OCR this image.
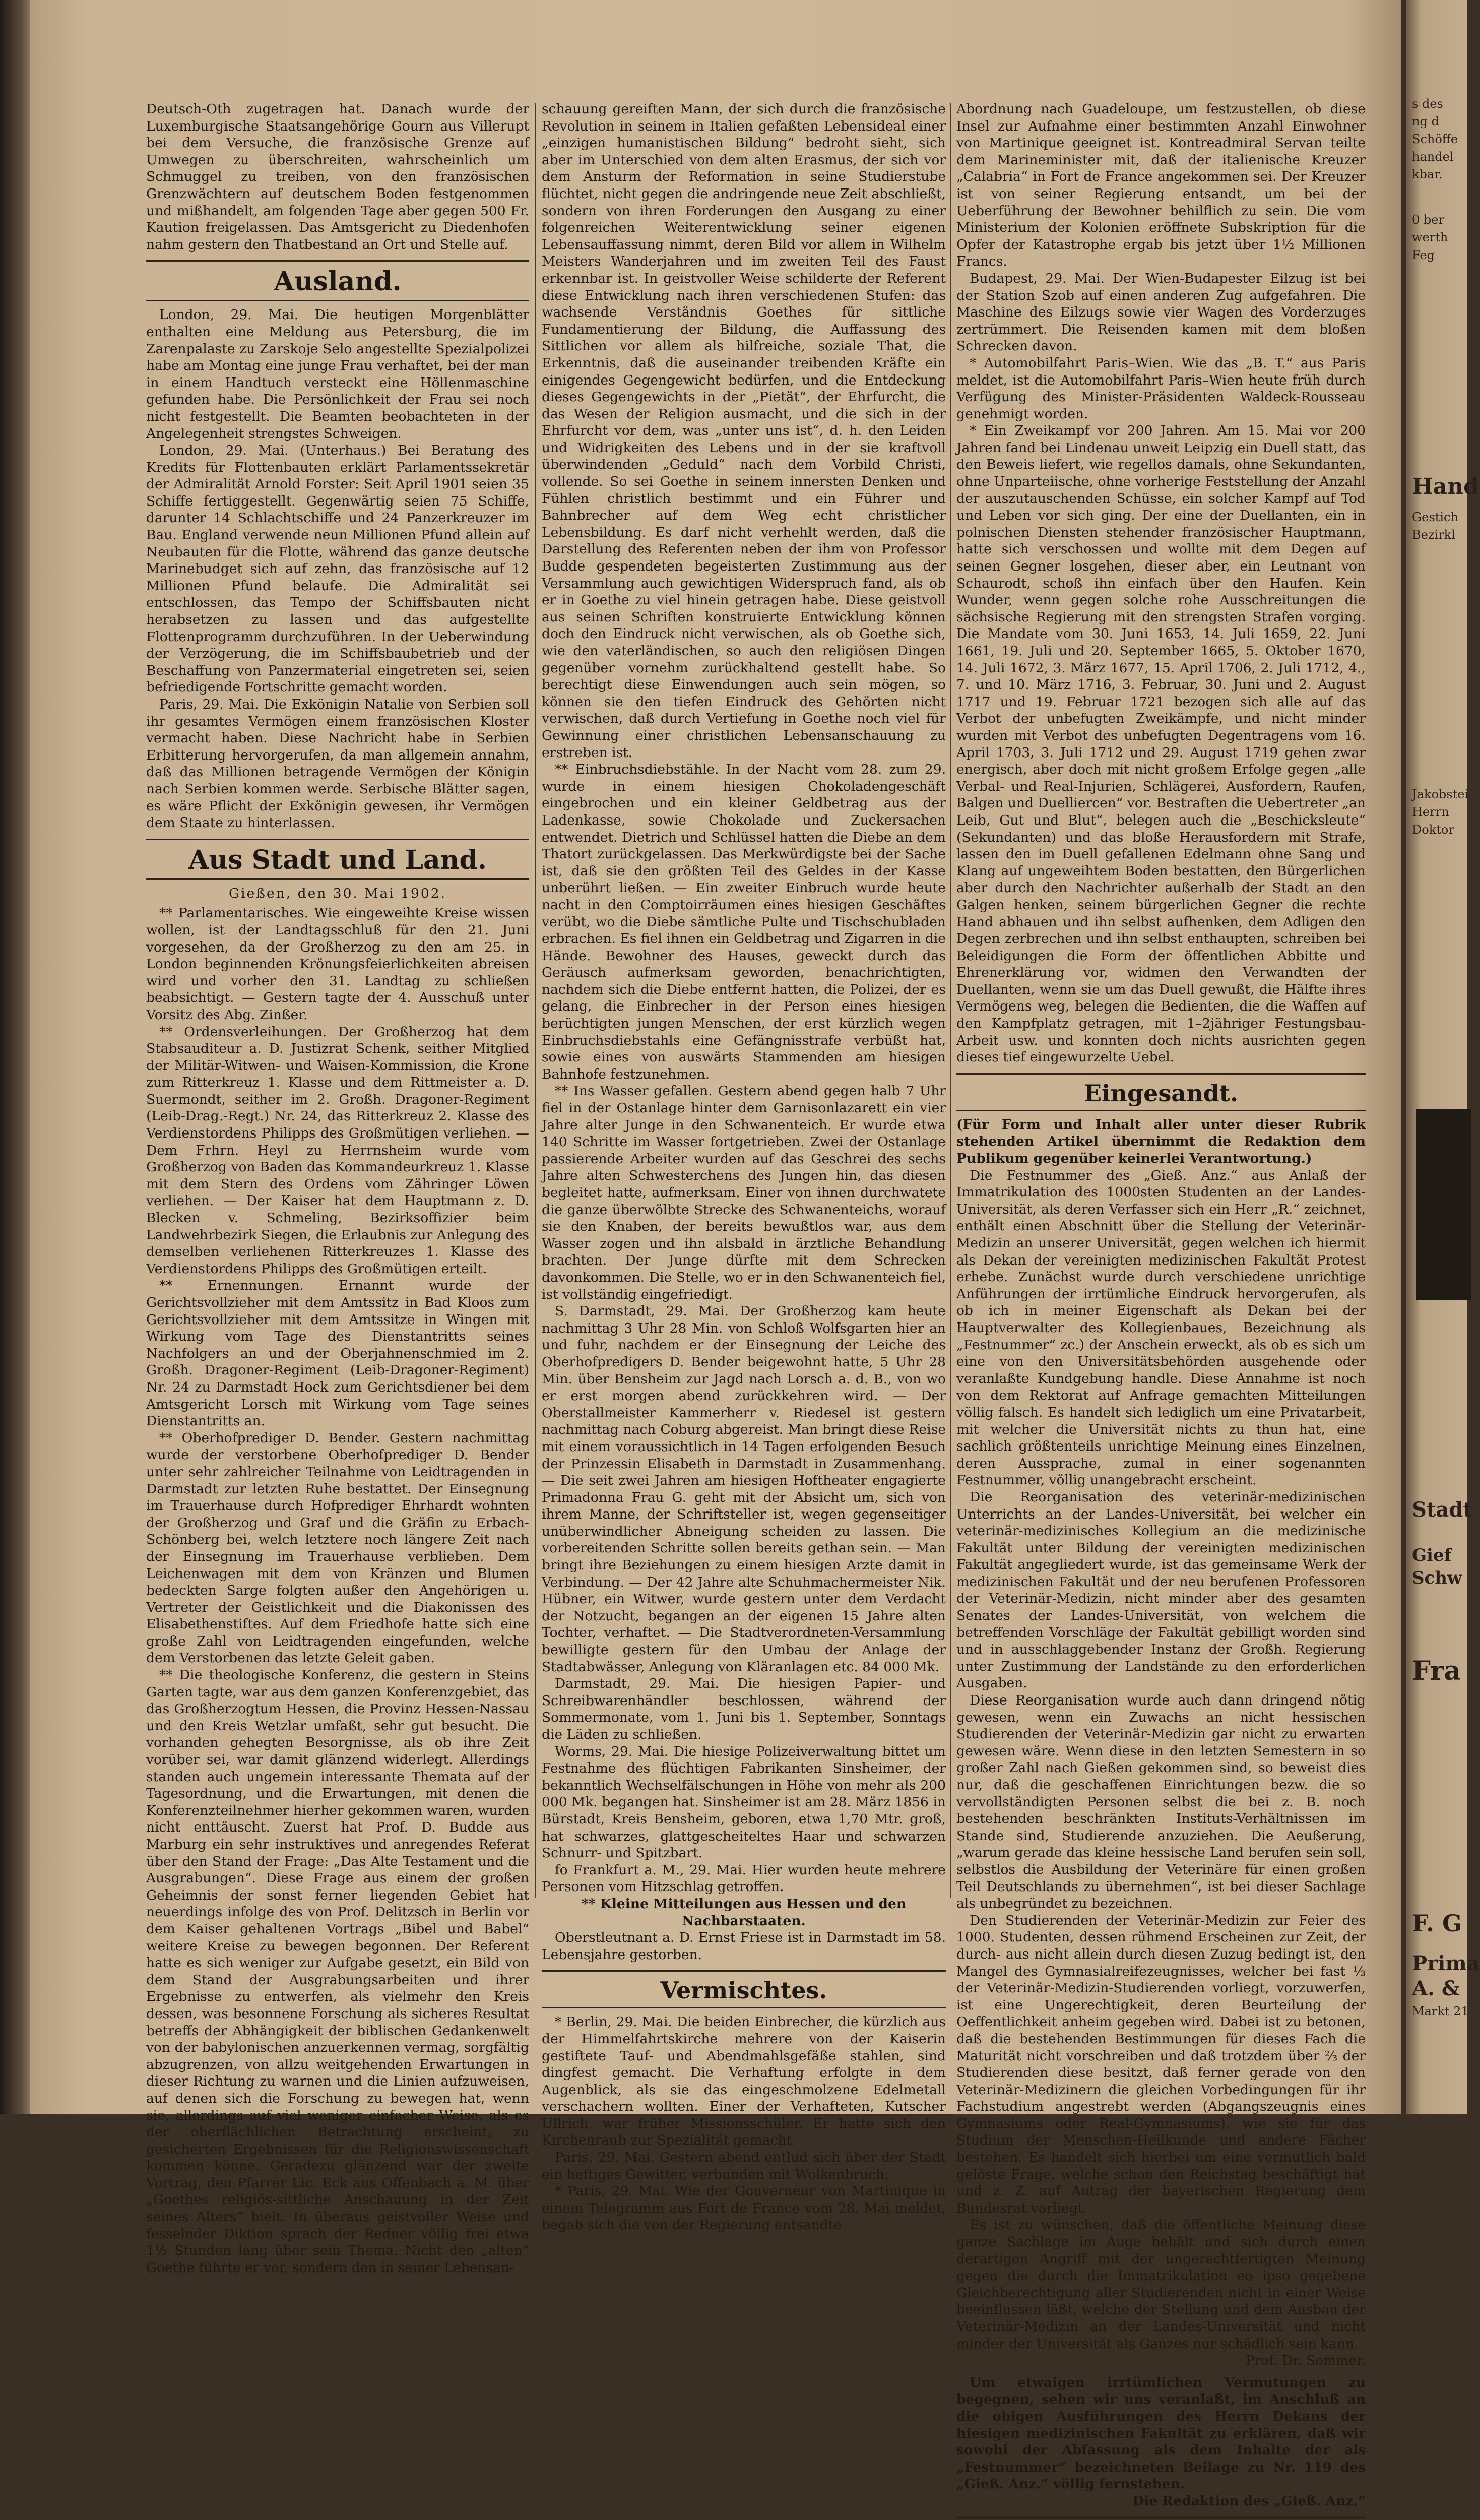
Deutsch-Oth zugetragen hat. Danach wurde der Luxemburgische Staatsangehörige Gourn aus Villerupt bei dem Versuche, die französische Grenze auf Umwegen zu überschreiten, wahrscheinlich um Schmuggel zu treiben, von den französischen Grenzwächtern auf deutschem Boden festgenommen und mißhandelt, am folgenden Tage aber gegen 500 Fr. Kaution freigelassen. Das Amtsgericht zu Diedenhofen nahm gestern den Thatbestand an Ort und Stelle auf.

Ausland.

London, 29. Mai. Die heutigen Morgenblätter enthalten eine Meldung aus Petersburg, die im Zarenpalaste zu Zarskoje Selo angestellte Spezialpolizei habe am Montag eine junge Frau verhaftet, bei der man in einem Handtuch versteckt eine Höllenmaschine gefunden habe. Die Persönlichkeit der Frau sei noch nicht festgestellt. Die Beamten beobachteten in der Angelegenheit strengstes Schweigen.

London, 29. Mai. (Unterhaus.) Bei Beratung des Kredits für Flottenbauten erklärt Parlamentssekretär der Admiralität Arnold Forster: Seit April 1901 seien 35 Schiffe fertiggestellt. Gegenwärtig seien 75 Schiffe, darunter 14 Schlachtschiffe und 24 Panzerkreuzer im Bau. England verwende neun Millionen Pfund allein auf Neubauten für die Flotte, während das ganze deutsche Marinebudget sich auf zehn, das französische auf 12 Millionen Pfund belaufe. Die Admiralität sei entschlossen, das Tempo der Schiffsbauten nicht herabsetzen zu lassen und das aufgestellte Flottenprogramm durchzuführen. In der Ueberwindung der Verzögerung, die im Schiffsbaubetrieb und der Beschaffung von Panzermaterial eingetreten sei, seien befriedigende Fortschritte gemacht worden.

Paris, 29. Mai. Die Exkönigin Natalie von Serbien soll ihr gesamtes Vermögen einem französischen Kloster vermacht haben. Diese Nachricht habe in Serbien Erbitterung hervorgerufen, da man allgemein annahm, daß das Millionen betragende Vermögen der Königin nach Serbien kommen werde. Serbische Blätter sagen, es wäre Pflicht der Exkönigin gewesen, ihr Vermögen dem Staate zu hinterlassen.

Aus Stadt und Land.
Gießen, den 30. Mai 1902.

** Parlamentarisches. Wie eingeweihte Kreise wissen wollen, ist der Landtagsschluß für den 21. Juni vorgesehen, da der Großherzog zu den am 25. in London beginnenden Krönungsfeierlichkeiten abreisen wird und vorher den 31. Landtag zu schließen beabsichtigt. — Gestern tagte der 4. Ausschuß unter Vorsitz des Abg. Zinßer.

** Ordensverleihungen. Der Großherzog hat dem Stabsauditeur a. D. Justizrat Schenk, seither Mitglied der Militär-Witwen- und Waisen-Kommission, die Krone zum Ritterkreuz 1. Klasse und dem Rittmeister a. D. Suermondt, seither im 2. Großh. Dragoner-Regiment (Leib-Drag.-Regt.) Nr. 24, das Ritterkreuz 2. Klasse des Verdienstordens Philipps des Großmütigen verliehen. — Dem Frhrn. Heyl zu Herrnsheim wurde vom Großherzog von Baden das Kommandeurkreuz 1. Klasse mit dem Stern des Ordens vom Zähringer Löwen verliehen. — Der Kaiser hat dem Hauptmann z. D. Blecken v. Schmeling, Bezirksoffizier beim Landwehrbezirk Siegen, die Erlaubnis zur Anlegung des demselben verliehenen Ritterkreuzes 1. Klasse des Verdienstordens Philipps des Großmütigen erteilt.

** Ernennungen. Ernannt wurde der Gerichtsvollzieher mit dem Amtssitz in Bad Kloos zum Gerichtsvollzieher mit dem Amtssitze in Wingen mit Wirkung vom Tage des Dienstantritts seines Nachfolgers an und der Oberjahnenschmied im 2. Großh. Dragoner-Regiment (Leib-Dragoner-Regiment) Nr. 24 zu Darmstadt Hock zum Gerichtsdiener bei dem Amtsgericht Lorsch mit Wirkung vom Tage seines Dienstantritts an.

** Oberhofprediger D. Bender. Gestern nachmittag wurde der verstorbene Oberhofprediger D. Bender unter sehr zahlreicher Teilnahme von Leidtragenden in Darmstadt zur letzten Ruhe bestattet. Der Einsegnung im Trauerhause durch Hofprediger Ehrhardt wohnten der Großherzog und Graf und die Gräfin zu Erbach-Schönberg bei, welch letztere noch längere Zeit nach der Einsegnung im Trauerhause verblieben. Dem Leichenwagen mit dem von Kränzen und Blumen bedeckten Sarge folgten außer den Angehörigen u. Vertreter der Geistlichkeit und die Diakonissen des Elisabethenstiftes. Auf dem Friedhofe hatte sich eine große Zahl von Leidtragenden eingefunden, welche dem Verstorbenen das letzte Geleit gaben.

** Die theologische Konferenz, die gestern in Steins Garten tagte, war aus dem ganzen Konferenzgebiet, das das Großherzogtum Hessen, die Provinz Hessen-Nassau und den Kreis Wetzlar umfaßt, sehr gut besucht. Die vorhanden gehegten Besorgnisse, als ob ihre Zeit vorüber sei, war damit glänzend widerlegt. Allerdings standen auch ungemein interessante Themata auf der Tagesordnung, und die Erwartungen, mit denen die Konferenzteilnehmer hierher gekommen waren, wurden nicht enttäuscht. Zuerst hat Prof. D. Budde aus Marburg ein sehr instruktives und anregendes Referat über den Stand der Frage: „Das Alte Testament und die Ausgrabungen“. Diese Frage aus einem der großen Geheimnis der sonst ferner liegenden Gebiet hat neuerdings infolge des von Prof. Delitzsch in Berlin vor dem Kaiser gehaltenen Vortrags „Bibel und Babel“ weitere Kreise zu bewegen begonnen. Der Referent hatte es sich weniger zur Aufgabe gesetzt, ein Bild von dem Stand der Ausgrabungsarbeiten und ihrer Ergebnisse zu entwerfen, als vielmehr den Kreis dessen, was besonnene Forschung als sicheres Resultat betreffs der Abhängigkeit der biblischen Gedankenwelt von der babylonischen anzuerkennen vermag, sorgfältig abzugrenzen, von allzu weitgehenden Erwartungen in dieser Richtung zu warnen und die Linien aufzuweisen, auf denen sich die Forschung zu bewegen hat, wenn sie, allerdings auf viel weniger einfacher Weise, als es der oberflächlichen Betrachtung erscheint, zu gesicherten Ergebnissen für die Religionswissenschaft kommen könne. Geradezu glänzend war der zweite Vortrag, den Pfarrer Lic. Eck aus Offenbach a. M. über „Goethes religiös-sittliche Anschauung in der Zeit seines Alters“ hielt. In überaus geistvoller Weise und fesselnder Diktion sprach der Redner völlig frei etwa 1½ Stunden lang über sein Thema. Nicht den „alten“ Goethe führte er vor, sondern den in seiner Lebensan-

schauung gereiften Mann, der sich durch die französische Revolution in seinem in Italien gefaßten Lebensideal einer „einzigen humanistischen Bildung“ bedroht sieht, sich aber im Unterschied von dem alten Erasmus, der sich vor dem Ansturm der Reformation in seine Studierstube flüchtet, nicht gegen die andringende neue Zeit abschließt, sondern von ihren Forderungen den Ausgang zu einer folgenreichen Weiterentwicklung seiner eigenen Lebensauffassung nimmt, deren Bild vor allem in Wilhelm Meisters Wanderjahren und im zweiten Teil des Faust erkennbar ist. In geistvoller Weise schilderte der Referent diese Entwicklung nach ihren verschiedenen Stufen: das wachsende Verständnis Goethes für sittliche Fundamentierung der Bildung, die Auffassung des Sittlichen vor allem als hilfreiche, soziale That, die Erkenntnis, daß die auseinander treibenden Kräfte ein einigendes Gegengewicht bedürfen, und die Entdeckung dieses Gegengewichts in der „Pietät“, der Ehrfurcht, die das Wesen der Religion ausmacht, und die sich in der Ehrfurcht vor dem, was „unter uns ist“, d. h. den Leiden und Widrigkeiten des Lebens und in der sie kraftvoll überwindenden „Geduld“ nach dem Vorbild Christi, vollende. So sei Goethe in seinem innersten Denken und Fühlen christlich bestimmt und ein Führer und Bahnbrecher auf dem Weg echt christlicher Lebensbildung. Es darf nicht verhehlt werden, daß die Darstellung des Referenten neben der ihm von Professor Budde gespendeten begeisterten Zustimmung aus der Versammlung auch gewichtigen Widerspruch fand, als ob er in Goethe zu viel hinein getragen habe. Diese geistvoll aus seinen Schriften konstruierte Entwicklung können doch den Eindruck nicht verwischen, als ob Goethe sich, wie den vaterländischen, so auch den religiösen Dingen gegenüber vornehm zurückhaltend gestellt habe. So berechtigt diese Einwendungen auch sein mögen, so können sie den tiefen Eindruck des Gehörten nicht verwischen, daß durch Vertiefung in Goethe noch viel für Gewinnung einer christlichen Lebensanschauung zu erstreben ist.

** Einbruchsdiebstähle. In der Nacht vom 28. zum 29. wurde in einem hiesigen Chokoladengeschäft eingebrochen und ein kleiner Geldbetrag aus der Ladenkasse, sowie Chokolade und Zuckersachen entwendet. Dietrich und Schlüssel hatten die Diebe an dem Thatort zurückgelassen. Das Merkwürdigste bei der Sache ist, daß sie den größten Teil des Geldes in der Kasse unberührt ließen. — Ein zweiter Einbruch wurde heute nacht in den Comptoirräumen eines hiesigen Geschäftes verübt, wo die Diebe sämtliche Pulte und Tischschubladen erbrachen. Es fiel ihnen ein Geldbetrag und Zigarren in die Hände. Bewohner des Hauses, geweckt durch das Geräusch aufmerksam geworden, benachrichtigten, nachdem sich die Diebe entfernt hatten, die Polizei, der es gelang, die Einbrecher in der Person eines hiesigen berüchtigten jungen Menschen, der erst kürzlich wegen Einbruchsdiebstahls eine Gefängnisstrafe verbüßt hat, sowie eines von auswärts Stammenden am hiesigen Bahnhofe festzunehmen.

** Ins Wasser gefallen. Gestern abend gegen halb 7 Uhr fiel in der Ostanlage hinter dem Garnisonlazarett ein vier Jahre alter Junge in den Schwanenteich. Er wurde etwa 140 Schritte im Wasser fortgetrieben. Zwei der Ostanlage passierende Arbeiter wurden auf das Geschrei des sechs Jahre alten Schwesterchens des Jungen hin, das diesen begleitet hatte, aufmerksam. Einer von ihnen durchwatete die ganze überwölbte Strecke des Schwanenteichs, worauf sie den Knaben, der bereits bewußtlos war, aus dem Wasser zogen und ihn alsbald in ärztliche Behandlung brachten. Der Junge dürfte mit dem Schrecken davonkommen. Die Stelle, wo er in den Schwanenteich fiel, ist vollständig eingefriedigt.

S. Darmstadt, 29. Mai. Der Großherzog kam heute nachmittag 3 Uhr 28 Min. von Schloß Wolfsgarten hier an und fuhr, nachdem er der Einsegnung der Leiche des Oberhofpredigers D. Bender beigewohnt hatte, 5 Uhr 28 Min. über Bensheim zur Jagd nach Lorsch a. d. B., von wo er erst morgen abend zurückkehren wird. — Der Oberstallmeister Kammerherr v. Riedesel ist gestern nachmittag nach Coburg abgereist. Man bringt diese Reise mit einem voraussichtlich in 14 Tagen erfolgenden Besuch der Prinzessin Elisabeth in Darmstadt in Zusammenhang. — Die seit zwei Jahren am hiesigen Hoftheater engagierte Primadonna Frau G. geht mit der Absicht um, sich von ihrem Manne, der Schriftsteller ist, wegen gegenseitiger unüberwindlicher Abneigung scheiden zu lassen. Die vorbereitenden Schritte sollen bereits gethan sein. — Man bringt ihre Beziehungen zu einem hiesigen Arzte damit in Verbindung. — Der 42 Jahre alte Schuhmachermeister Nik. Hübner, ein Witwer, wurde gestern unter dem Verdacht der Notzucht, begangen an der eigenen 15 Jahre alten Tochter, verhaftet. — Die Stadtverordneten-Versammlung bewilligte gestern für den Umbau der Anlage der Stadtabwässer, Anlegung von Kläranlagen etc. 84 000 Mk.

Darmstadt, 29. Mai. Die hiesigen Papier- und Schreibwarenhändler beschlossen, während der Sommermonate, vom 1. Juni bis 1. September, Sonntags die Läden zu schließen.

Worms, 29. Mai. Die hiesige Polizeiverwaltung bittet um Festnahme des flüchtigen Fabrikanten Sinsheimer, der bekanntlich Wechselfälschungen in Höhe von mehr als 200 000 Mk. begangen hat. Sinsheimer ist am 28. März 1856 in Bürstadt, Kreis Bensheim, geboren, etwa 1,70 Mtr. groß, hat schwarzes, glattgescheiteltes Haar und schwarzen Schnurr- und Spitzbart.

fo Frankfurt a. M., 29. Mai. Hier wurden heute mehrere Personen vom Hitzschlag getroffen.

** Kleine Mitteilungen aus Hessen und den Nachbarstaaten.

Oberstleutnant a. D. Ernst Friese ist in Darmstadt im 58. Lebensjahre gestorben.

Vermischtes.

* Berlin, 29. Mai. Die beiden Einbrecher, die kürzlich aus der Himmelfahrtskirche mehrere von der Kaiserin gestiftete Tauf- und Abendmahlsgefäße stahlen, sind dingfest gemacht. Die Verhaftung erfolgte in dem Augenblick, als sie das eingeschmolzene Edelmetall verschachern wollten. Einer der Verhafteten, Kutscher Ullrich, war früher Missionsschüler. Er hatte sich den Kirchenraub zur Spezialität gemacht.

Paris, 29. Mai. Gestern abend entlud sich über der Stadt ein heftiges Gewitter, verbunden mit Wolkenbruch.

* Paris, 29. Mai. Wie der Gouverneur von Martinique in einem Telegramm aus Fort de France vom 28. Mai meldet, begab sich die von der Regierung entsandte

Abordnung nach Guadeloupe, um festzustellen, ob diese Insel zur Aufnahme einer bestimmten Anzahl Einwohner von Martinique geeignet ist. Kontreadmiral Servan teilte dem Marineminister mit, daß der italienische Kreuzer „Calabria“ in Fort de France angekommen sei. Der Kreuzer ist von seiner Regierung entsandt, um bei der Ueberführung der Bewohner behilflich zu sein. Die vom Ministerium der Kolonien eröffnete Subskription für die Opfer der Katastrophe ergab bis jetzt über 1½ Millionen Francs.

Budapest, 29. Mai. Der Wien-Budapester Eilzug ist bei der Station Szob auf einen anderen Zug aufgefahren. Die Maschine des Eilzugs sowie vier Wagen des Vorderzuges zertrümmert. Die Reisenden kamen mit dem bloßen Schrecken davon.

* Automobilfahrt Paris–Wien. Wie das „B. T.“ aus Paris meldet, ist die Automobilfahrt Paris–Wien heute früh durch Verfügung des Minister-Präsidenten Waldeck-Rousseau genehmigt worden.

* Ein Zweikampf vor 200 Jahren. Am 15. Mai vor 200 Jahren fand bei Lindenau unweit Leipzig ein Duell statt, das den Beweis liefert, wie regellos damals, ohne Sekundanten, ohne Unparteiische, ohne vorherige Feststellung der Anzahl der auszutauschenden Schüsse, ein solcher Kampf auf Tod und Leben vor sich ging. Der eine der Duellanten, ein in polnischen Diensten stehender französischer Hauptmann, hatte sich verschossen und wollte mit dem Degen auf seinen Gegner losgehen, dieser aber, ein Leutnant von Schaurodt, schoß ihn einfach über den Haufen. Kein Wunder, wenn gegen solche rohe Ausschreitungen die sächsische Regierung mit den strengsten Strafen vorging. Die Mandate vom 30. Juni 1653, 14. Juli 1659, 22. Juni 1661, 19. Juli und 20. September 1665, 5. Oktober 1670, 14. Juli 1672, 3. März 1677, 15. April 1706, 2. Juli 1712, 4., 7. und 10. März 1716, 3. Februar, 30. Juni und 2. August 1717 und 19. Februar 1721 bezogen sich alle auf das Verbot der unbefugten Zweikämpfe, und nicht minder wurden mit Verbot des unbefugten Degentragens vom 16. April 1703, 3. Juli 1712 und 29. August 1719 gehen zwar energisch, aber doch mit nicht großem Erfolge gegen „alle Verbal- und Real-Injurien, Schlägerei, Ausfordern, Raufen, Balgen und Duelliercen“ vor. Bestraften die Uebertreter „an Leib, Gut und Blut“, belegen auch die „Beschicksleute“ (Sekundanten) und das bloße Herausfordern mit Strafe, lassen den im Duell gefallenen Edelmann ohne Sang und Klang auf ungeweihtem Boden bestatten, den Bürgerlichen aber durch den Nachrichter außerhalb der Stadt an den Galgen henken, seinem bürgerlichen Gegner die rechte Hand abhauen und ihn selbst aufhenken, dem Adligen den Degen zerbrechen und ihn selbst enthaupten, schreiben bei Beleidigungen die Form der öffentlichen Abbitte und Ehrenerklärung vor, widmen den Verwandten der Duellanten, wenn sie um das Duell gewußt, die Hälfte ihres Vermögens weg, belegen die Bedienten, die die Waffen auf den Kampfplatz getragen, mit 1–2jähriger Festungsbau-Arbeit usw. und konnten doch nichts ausrichten gegen dieses tief eingewurzelte Uebel.

Eingesandt.

(Für Form und Inhalt aller unter dieser Rubrik stehenden Artikel übernimmt die Redaktion dem Publikum gegenüber keinerlei Verantwortung.)

Die Festnummer des „Gieß. Anz.“ aus Anlaß der Immatrikulation des 1000sten Studenten an der Landes-Universität, als deren Verfasser sich ein Herr „R.“ zeichnet, enthält einen Abschnitt über die Stellung der Veterinär-Medizin an unserer Universität, gegen welchen ich hiermit als Dekan der vereinigten medizinischen Fakultät Protest erhebe. Zunächst wurde durch verschiedene unrichtige Anführungen der irrtümliche Eindruck hervorgerufen, als ob ich in meiner Eigenschaft als Dekan bei der Hauptverwalter des Kollegienbaues, Bezeichnung als „Festnummer“ zc.) der Anschein erweckt, als ob es sich um eine von den Universitätsbehörden ausgehende oder veranlaßte Kundgebung handle. Diese Annahme ist noch von dem Rektorat auf Anfrage gemachten Mitteilungen völlig falsch. Es handelt sich lediglich um eine Privatarbeit, mit welcher die Universität nichts zu thun hat, eine sachlich größtenteils unrichtige Meinung eines Einzelnen, deren Aussprache, zumal in einer sogenannten Festnummer, völlig unangebracht erscheint.

Die Reorganisation des veterinär-medizinischen Unterrichts an der Landes-Universität, bei welcher ein veterinär-medizinisches Kollegium an die medizinische Fakultät unter Bildung der vereinigten medizinischen Fakultät angegliedert wurde, ist das gemeinsame Werk der medizinischen Fakultät und der neu berufenen Professoren der Veterinär-Medizin, nicht minder aber des gesamten Senates der Landes-Universität, von welchem die betreffenden Vorschläge der Fakultät gebilligt worden sind und in ausschlaggebender Instanz der Großh. Regierung unter Zustimmung der Landstände zu den erforderlichen Ausgaben.

Diese Reorganisation wurde auch dann dringend nötig gewesen, wenn ein Zuwachs an nicht hessischen Studierenden der Veterinär-Medizin gar nicht zu erwarten gewesen wäre. Wenn diese in den letzten Semestern in so großer Zahl nach Gießen gekommen sind, so beweist dies nur, daß die geschaffenen Einrichtungen bezw. die so vervollständigten Personen selbst die bei z. B. noch bestehenden beschränkten Instituts-Verhältnissen im Stande sind, Studierende anzuziehen. Die Aeußerung, „warum gerade das kleine hessische Land berufen sein soll, selbstlos die Ausbildung der Veterinäre für einen großen Teil Deutschlands zu übernehmen“, ist bei dieser Sachlage als unbegründet zu bezeichnen.

Den Studierenden der Veterinär-Medizin zur Feier des 1000. Studenten, dessen rühmend Erscheinen zur Zeit, der durch- aus nicht allein durch diesen Zuzug bedingt ist, den Mangel des Gymnasialreifezeugnisses, welcher bei fast ⅓ der Veterinär-Medizin-Studierenden vorliegt, vorzuwerfen, ist eine Ungerechtigkeit, deren Beurteilung der Oeffentlichkeit anheim gegeben wird. Dabei ist zu betonen, daß die bestehenden Bestimmungen für dieses Fach die Maturität nicht vorschreiben und daß trotzdem über ⅔ der Studierenden diese besitzt, daß ferner gerade von den Veterinär-Medizinern die gleichen Vorbedingungen für ihr Fachstudium angestrebt werden (Abgangszeugnis eines Gymnasiums oder Real-Gymnasiums), wie sie für das Studium der Menschen-Heilkunde und andere Fächer bestehen. Es handelt sich hierbei um eine vermutlich bald gelöste Frage, welche schon den Reichstag beschäftigt hat und z. Z. auf Antrag der bayerischen Regierung dem Bundesrat vorliegt.

Es ist zu wünschen, daß die öffentliche Meinung diese ganze Sachlage im Auge behält und sich durch einen derartigen Angriff mit der ungerechtfertigten Meinung gegen die durch die Immatrikulation eo ipso gegebene Gleichberechtigung aller Studierenden nicht in einer Weise beeinflussen läßt, welche der Stellung und dem Ausbau der Veterinär-Medizin an der Landes-Universität und nicht minder der Universität als Ganzes nur schädlich sein kann.

Prof. Dr. Sommer.

Um etwaigen irrtümlichen Vermutungen zu begegnen, sehen wir uns veranlaßt, im Anschluß an die obigen Ausführungen des Herrn Dekans der hiesigen medizinischen Fakultät zu erklären, daß wir sowohl der Abfassung als dem Inhalte der als „Festnummer“ bezeichneten Beilage zu Nr. 119 des „Gieß. Anz.“ völlig fernstehen.

Die Redaktion des „Gieß. Anz.“

s des
ng d
Schöffe
handel
kbar.
0 ber
werth
Feg
Hand
Gestich
Bezirkl
Jakobstei
Herrn
Doktor
Stadt
Gief
Schw
Fra
F. G
Prima
A. &
Markt 21
